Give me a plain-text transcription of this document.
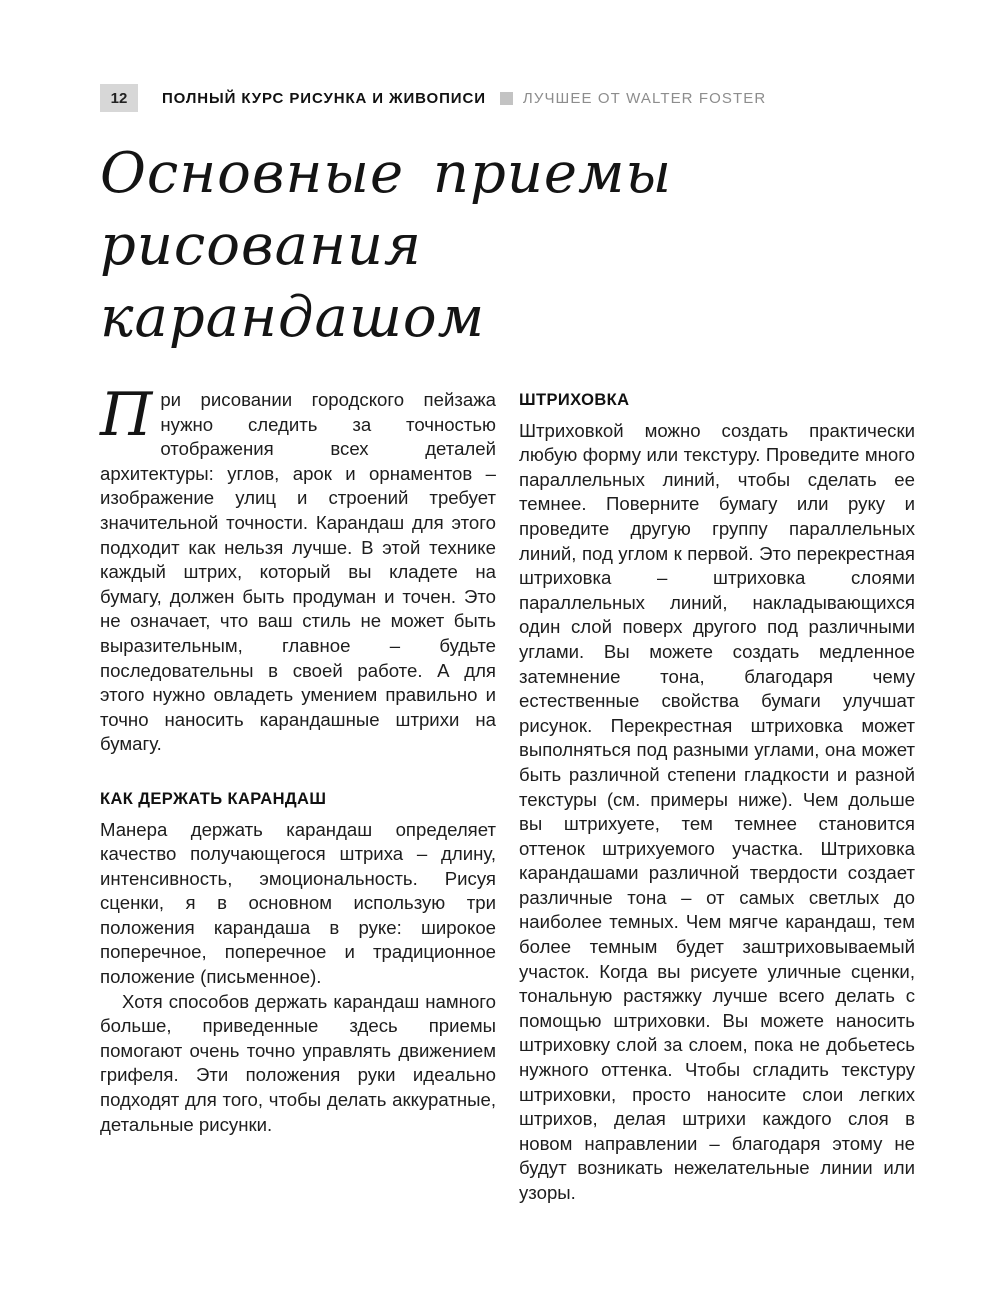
12	ПОЛНЫЙ КУРС РИСУНКА И ЖИВОПИСИ ЛУЧШЕЕ ОТ WALTER FOSTER
Основные приемы рисования
карандашом

При рисовании городского пейзажа нужно следить за точностью отображения всех деталей архитектуры: углов, арок и орнаментов – изображение улиц и строений требует значительной точности. Карандаш для этого подходит как нельзя лучше. В этой технике каждый штрих, который вы кладете на бумагу, должен быть продуман и точен. Это не означает, что ваш стиль не может быть выразительным, главное – будьте последовательны в своей работе. А для этого нужно овладеть умением правильно и точно наносить карандашные штрихи на бумагу.

КАК ДЕРЖАТЬ КАРАНДАШ

Манера держать карандаш определяет качество получающегося штриха – длину, интенсивность, эмоциональность. Рисуя сценки, я в основном использую три положения карандаша в руке: широкое поперечное, поперечное и традиционное положение (письменное).

Хотя способов держать карандаш намного больше, приведенные здесь приемы помогают очень точно управлять движением грифеля. Эти положения руки идеально подходят для того, чтобы делать аккуратные, детальные рисунки.

ШТРИХОВКА

Штриховкой можно создать практически любую форму или текстуру. Проведите много параллельных линий, чтобы сделать ее темнее. Поверните бумагу или руку и проведите другую группу параллельных линий, под углом к первой. Это перекрестная штриховка – штриховка слоями параллельных линий, накладывающихся один слой поверх другого под различными углами. Вы можете создать медленное затемнение тона, благодаря чему естественные свойства бумаги улучшат рисунок. Перекрестная штриховка может выполняться под разными углами, она может быть различной степени гладкости и разной текстуры (см. примеры ниже). Чем дольше вы штрихуете, тем темнее становится оттенок штрихуемого участка. Штриховка карандашами различной твердости создает различные тона – от самых светлых до наиболее темных. Чем мягче карандаш, тем более темным будет заштриховываемый участок. Когда вы рисуете уличные сценки, тональную растяжку лучше всего делать с помощью штриховки. Вы можете наносить штриховку слой за слоем, пока не добьетесь нужного оттенка. Чтобы сгладить текстуру штриховки, просто наносите слои легких штрихов, делая штрихи каждого слоя в новом направлении – благодаря этому не будут возникать нежелательные линии или узоры.
